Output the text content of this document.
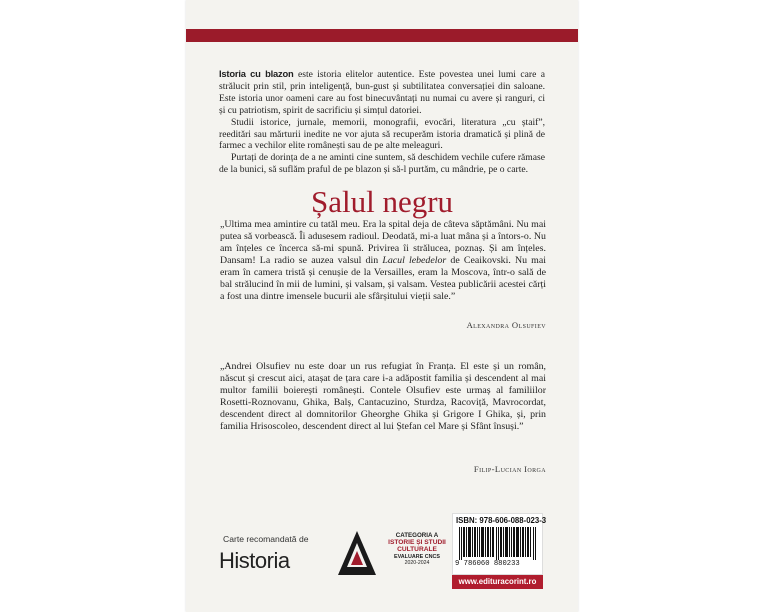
Istoria cu blazon este istoria elitelor autentice. Este povestea unei lumi care a strălucit prin stil, prin inteligență, bun-gust și subtilitatea conversației din saloane. Este istoria unor oameni care au fost binecuvântați nu numai cu avere și ranguri, ci și cu patriotism, spirit de sacrificiu și simțul datoriei.

Studii istorice, jurnale, memorii, monografii, evocări, literatura „cu ștaif”, reeditări sau mărturii inedite ne vor ajuta să recuperăm istoria dramatică și plină de farmec a vechilor elite românești sau de pe alte meleaguri.

Purtați de dorința de a ne aminti cine suntem, să deschidem vechile cufere rămase de la bunici, să suflăm praful de pe blazon și să-l purtăm, cu mândrie, pe o carte.

Șalul negru
„Ultima mea amintire cu tatăl meu. Era la spital deja de câteva săptămâni. Nu mai putea să vorbească. Îi adusesem radioul. Deodată, mi-a luat mâna și a întors-o. Nu am înțeles ce încerca să-mi spună. Privirea îi strălucea, poznaș. Și am înțeles. Dansam! La radio se auzea valsul din Lacul lebedelor de Ceaikovski. Nu mai eram în camera tristă și cenușie de la Versailles, eram la Moscova, într-o sală de bal strălucind în mii de lumini, și valsam, și valsam. Vestea publicării acestei cărți a fost una dintre imensele bucurii ale sfârșitului vieții sale.”
Alexandra Olsufiev
„Andrei Olsufiev nu este doar un rus refugiat în Franța. El este și un român, născut și crescut aici, atașat de țara care i-a adăpostit familia și descendent al mai multor familii boierești românești. Contele Olsufiev este urmaș al familiilor Rosetti-Roznovanu, Ghika, Balș, Cantacuzino, Sturdza, Racoviță, Mavrocordat, descendent direct al domnitorilor Gheorghe Ghika și Grigore I Ghika, și, prin familia Hrisoscoleo, descendent direct al lui Ștefan cel Mare și Sfânt însuși.”
Filip-Lucian Iorga
Carte recomandată de
Historia
CATEGORIA A
ISTORIE ȘI STUDII CULTURALE
EVALUARE CNCS
2020-2024
ISBN: 978-606-088-023-3
9 786060 880233
www.edituracorint.ro
